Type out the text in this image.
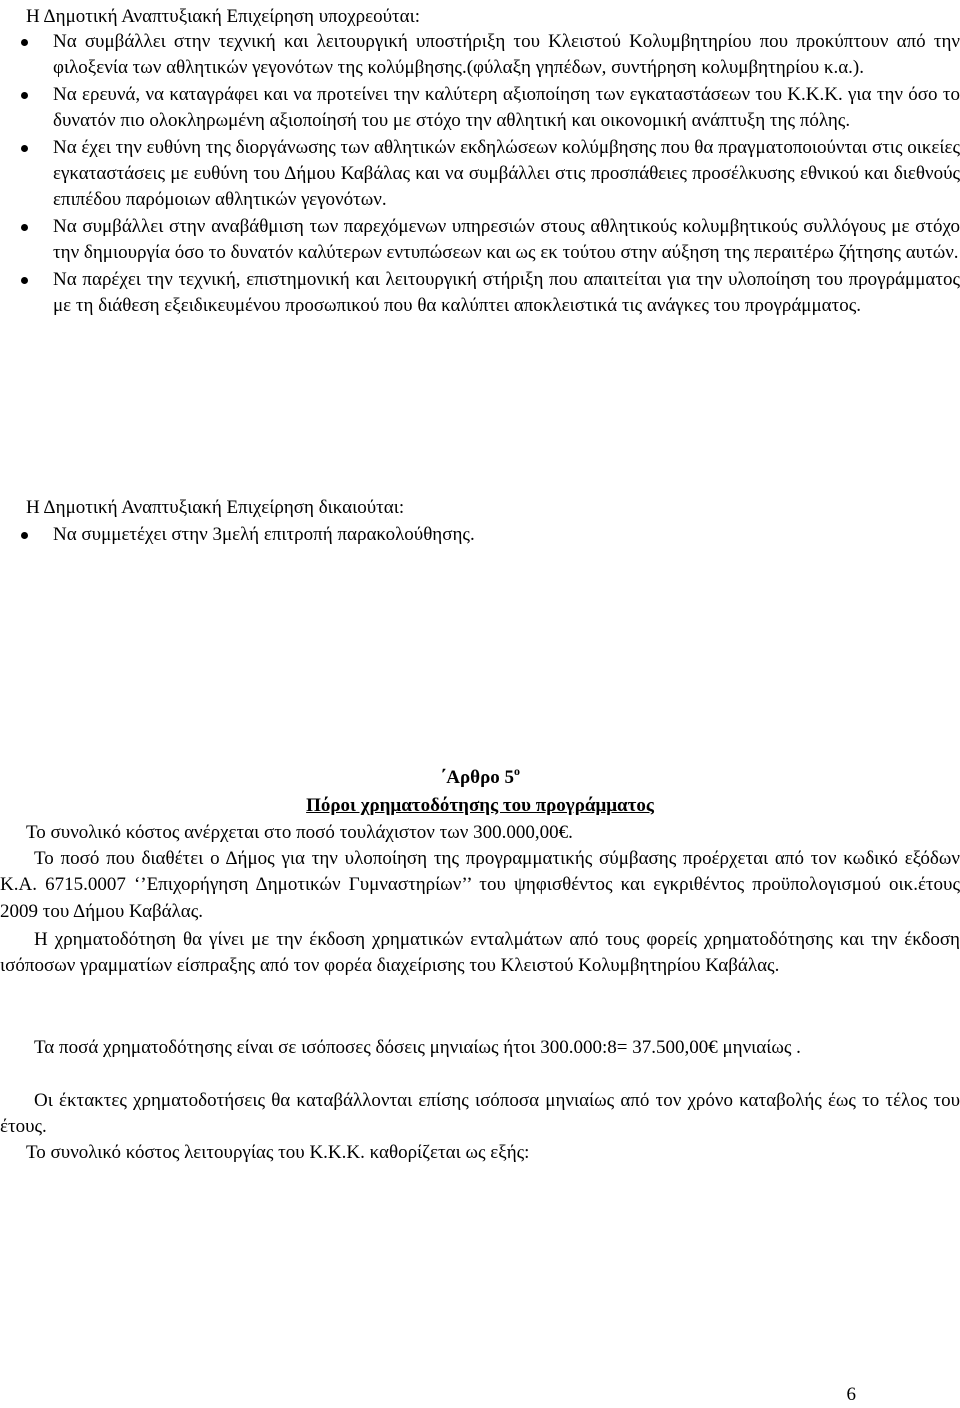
Η Δημοτική Αναπτυξιακή Επιχείρηση υποχρεούται:

Να συμβάλλει στην τεχνική και λειτουργική υποστήριξη του Κλειστού Κολυμβητηρίου που προκύπτουν από την φιλοξενία των αθλητικών γεγονότων της κολύμβησης.(φύλαξη γηπέδων, συντήρηση κολυμβητηρίου κ.α.).
Να ερευνά, να καταγράφει και να προτείνει την καλύτερη αξιοποίηση των εγκαταστάσεων του Κ.Κ.Κ. για την όσο το δυνατόν πιο ολοκληρωμένη αξιοποίησή του με στόχο την αθλητική και οικονομική ανάπτυξη της πόλης.
Να έχει την ευθύνη της διοργάνωσης των αθλητικών εκδηλώσεων κολύμβησης που θα πραγματοποιούνται στις οικείες εγκαταστάσεις με ευθύνη του Δήμου Καβάλας και να συμβάλλει στις προσπάθειες προσέλκυσης εθνικού και διεθνούς επιπέδου παρόμοιων αθλητικών γεγονότων.
Να συμβάλλει στην αναβάθμιση των παρεχόμενων υπηρεσιών στους αθλητικούς κολυμβητικούς συλλόγους με στόχο την δημιουργία όσο το δυνατόν καλύτερων εντυπώσεων και ως εκ τούτου στην αύξηση της περαιτέρω ζήτησης αυτών.
Να παρέχει την τεχνική, επιστημονική και λειτουργική στήριξη που απαιτείται για την υλοποίηση του προγράμματος με τη διάθεση εξειδικευμένου προσωπικού που θα καλύπτει αποκλειστικά τις ανάγκες του προγράμματος.

Η Δημοτική Αναπτυξιακή Επιχείρηση δικαιούται:

Να συμμετέχει στην 3μελή επιτροπή παρακολούθησης.

΄Αρθρο $5^o$

Πόροι χρηματοδότησης του προγράμματος

Το συνολικό κόστος ανέρχεται στο ποσό τουλάχιστον των 300.000,00€.

Το ποσό που διαθέτει ο Δήμος για την υλοποίηση της προγραμματικής σύμβασης προέρχεται από τον κωδικό εξόδων Κ.Α. 6715.0007 ‘’Επιχορήγηση Δημοτικών Γυμναστηρίων’’ του ψηφισθέντος και εγκριθέντος προϋπολογισμού οικ.έτους 2009 του Δήμου Καβάλας.

Η χρηματοδότηση θα γίνει με την έκδοση χρηματικών ενταλμάτων από τους φορείς χρηματοδότησης και την έκδοση ισόποσων γραμματίων είσπραξης από τον φορέα διαχείρισης του Κλειστού Κολυμβητηρίου Καβάλας.

Τα ποσά χρηματοδότησης είναι σε ισόποσες δόσεις μηνιαίως ήτοι 300.000:8= 37.500,00€ μηνιαίως .

Οι έκτακτες χρηματοδοτήσεις θα καταβάλλονται επίσης ισόποσα μηνιαίως από τον χρόνο καταβολής έως το τέλος του έτους.

Το συνολικό κόστος λειτουργίας του Κ.Κ.Κ. καθορίζεται ως εξής:

6
